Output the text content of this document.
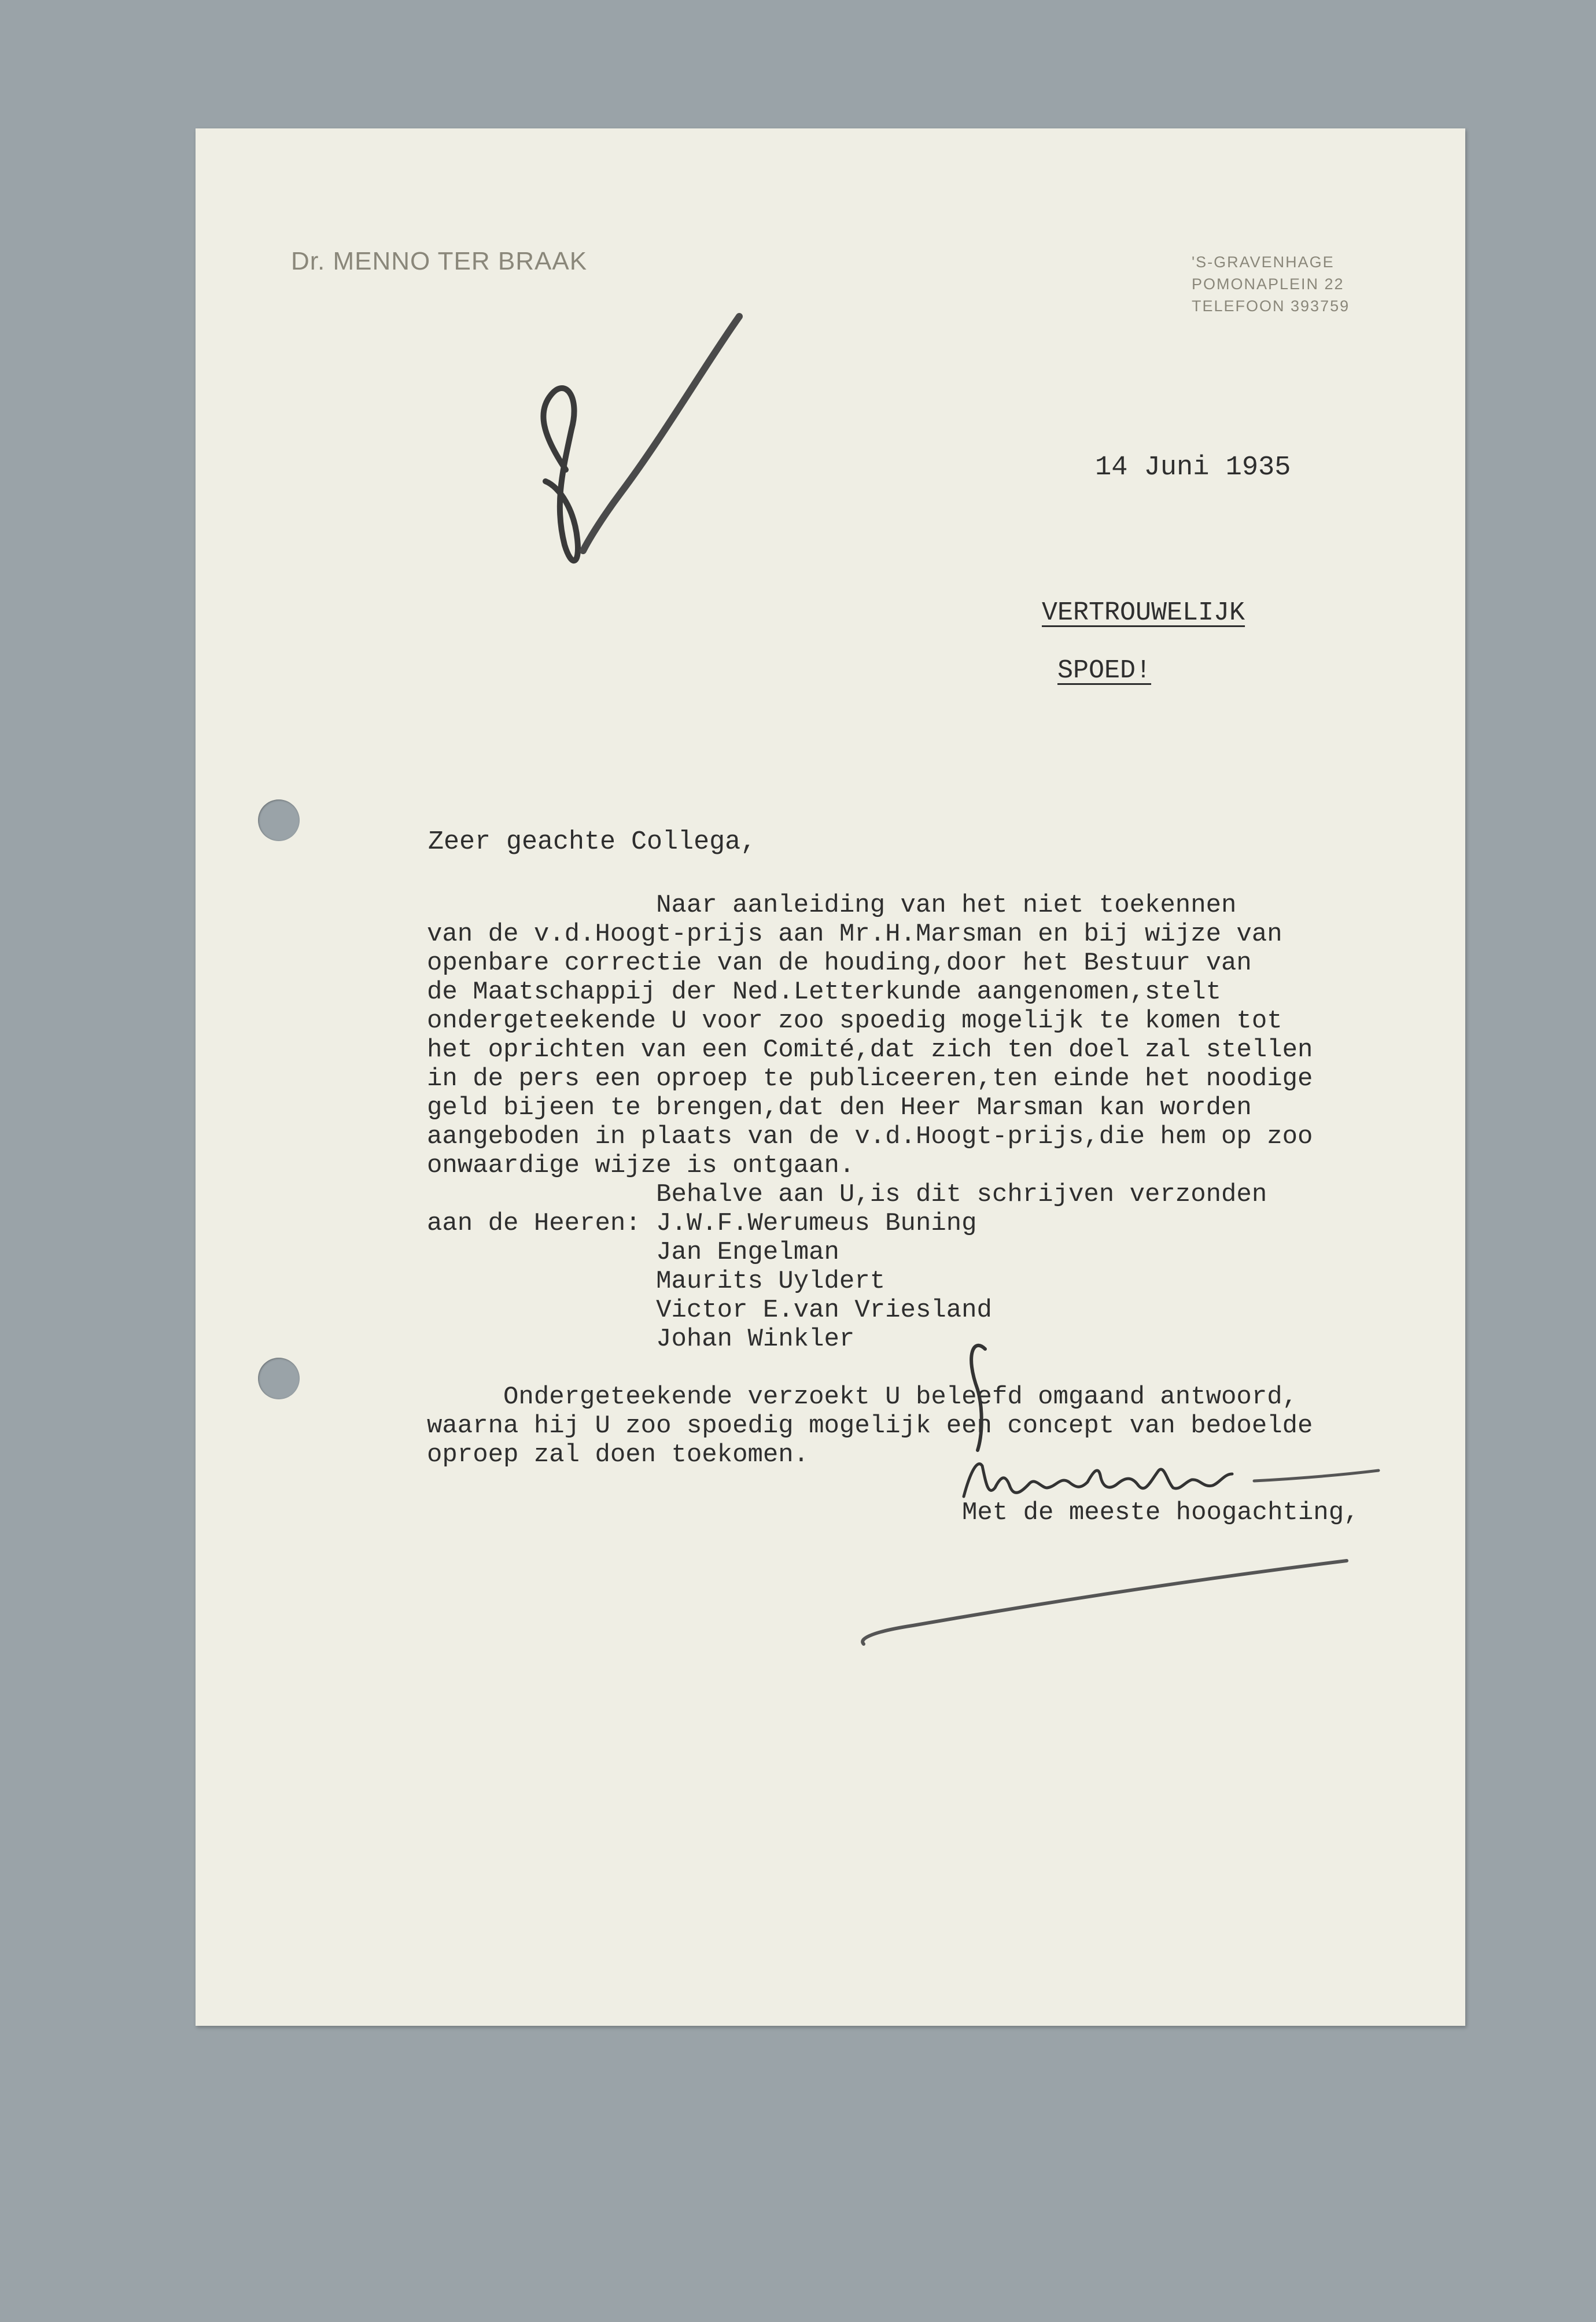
Dr. MENNO TER BRAAK	'S-GRAVENHAGE
POMONAPLEIN 22
TELEFOON 393759
14 Juni 1935
VERTROUWELIJK
SPOED!
Zeer geachte Collega,
Naar aanleiding van het niet toekennen
van de v.d.Hoogt-prijs aan Mr.H.Marsman en bij wijze van
openbare correctie van de houding,door het Bestuur van
de Maatschappij der Ned.Letterkunde aangenomen,stelt
ondergeteekende U voor zoo spoedig mogelijk te komen tot
het oprichten van een Comité,dat zich ten doel zal stellen
in de pers een oproep te publiceeren,ten einde het noodige
geld bijeen te brengen,dat den Heer Marsman kan worden
aangeboden in plaats van de v.d.Hoogt-prijs,die hem op zoo
onwaardige wijze is ontgaan.
Behalve aan U,is dit schrijven verzonden
aan de Heeren: J.W.F.Werumeus Buning
Jan Engelman
Maurits Uyldert
Victor E.van Vriesland
Johan Winkler
Ondergeteekende verzoekt U beleefd omgaand antwoord,
waarna hij U zoo spoedig mogelijk een concept van bedoelde
oproep zal doen toekomen.
Met de meeste hoogachting,
